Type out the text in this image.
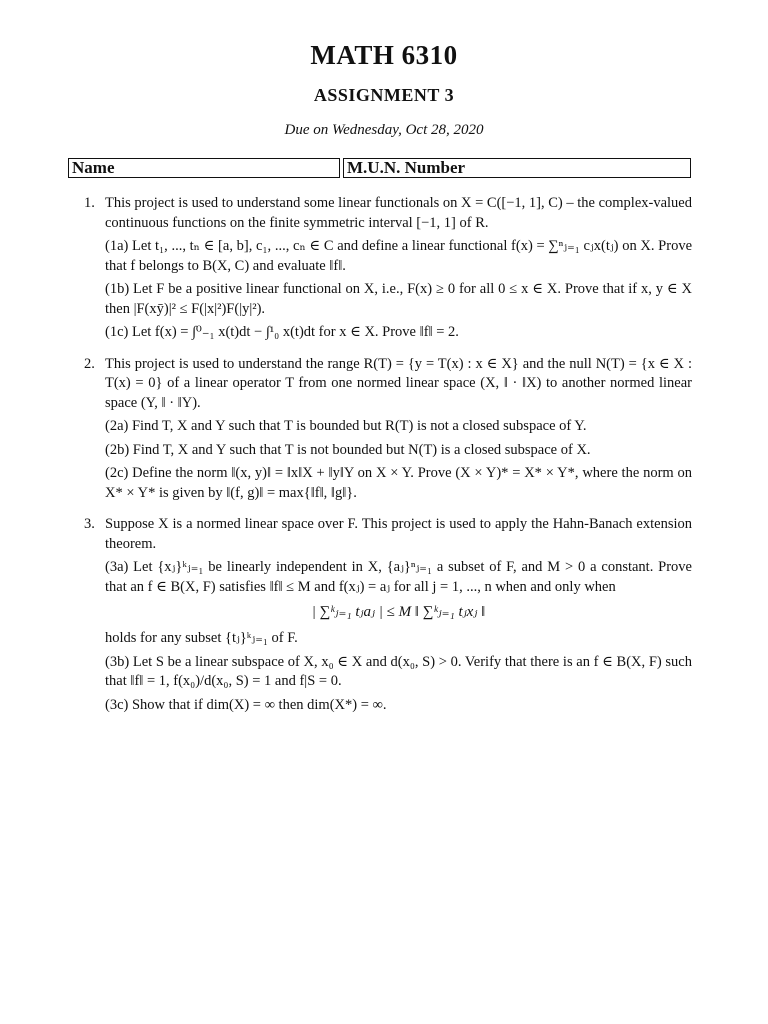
MATH 6310
ASSIGNMENT 3
Due on Wednesday, Oct 28, 2020
Name	M.U.N. Number
1. This project is used to understand some linear functionals on X = C([−1, 1], C) – the complex-valued continuous functions on the finite symmetric interval [−1, 1] of R.

(1a) Let t₁, ..., tₙ ∈ [a, b], c₁, ..., cₙ ∈ C and define a linear functional f(x) = ∑ⁿⱼ₌₁ cⱼx(tⱼ) on X. Prove that f belongs to B(X, C) and evaluate ‖f‖.

(1b) Let F be a positive linear functional on X, i.e., F(x) ≥ 0 for all 0 ≤ x ∈ X. Prove that if x, y ∈ X then |F(xȳ)|² ≤ F(|x|²)F(|y|²).

(1c) Let f(x) = ∫⁰₋₁ x(t)dt − ∫¹₀ x(t)dt for x ∈ X. Prove ‖f‖ = 2.

2. This project is used to understand the range R(T) = {y = T(x) : x ∈ X} and the null N(T) = {x ∈ X : T(x) = 0} of a linear operator T from one normed linear space (X, ‖ · ‖X) to another normed linear space (Y, ‖ · ‖Y).

(2a) Find T, X and Y such that T is bounded but R(T) is not a closed subspace of Y.

(2b) Find T, X and Y such that T is not bounded but N(T) is a closed subspace of X.

(2c) Define the norm ‖(x, y)‖ = ‖x‖X + ‖y‖Y on X × Y. Prove (X × Y)* = X* × Y*, where the norm on X* × Y* is given by ‖(f, g)‖ = max{‖f‖, ‖g‖}.

3. Suppose X is a normed linear space over F. This project is used to apply the Hahn-Banach extension theorem.

(3a) Let {xⱼ}ᵏⱼ₌₁ be linearly independent in X, {aⱼ}ⁿⱼ₌₁ a subset of F, and M > 0 a constant. Prove that an f ∈ B(X, F) satisfies ‖f‖ ≤ M and f(xⱼ) = aⱼ for all j = 1, ..., n when and only when

| ∑ᵏⱼ₌₁ tⱼaⱼ | ≤ M ‖ ∑ᵏⱼ₌₁ tⱼxⱼ ‖

holds for any subset {tⱼ}ᵏⱼ₌₁ of F.

(3b) Let S be a linear subspace of X, x₀ ∈ X and d(x₀, S) > 0. Verify that there is an f ∈ B(X, F) such that ‖f‖ = 1, f(x₀)/d(x₀, S) = 1 and f|S = 0.

(3c) Show that if dim(X) = ∞ then dim(X*) = ∞.
